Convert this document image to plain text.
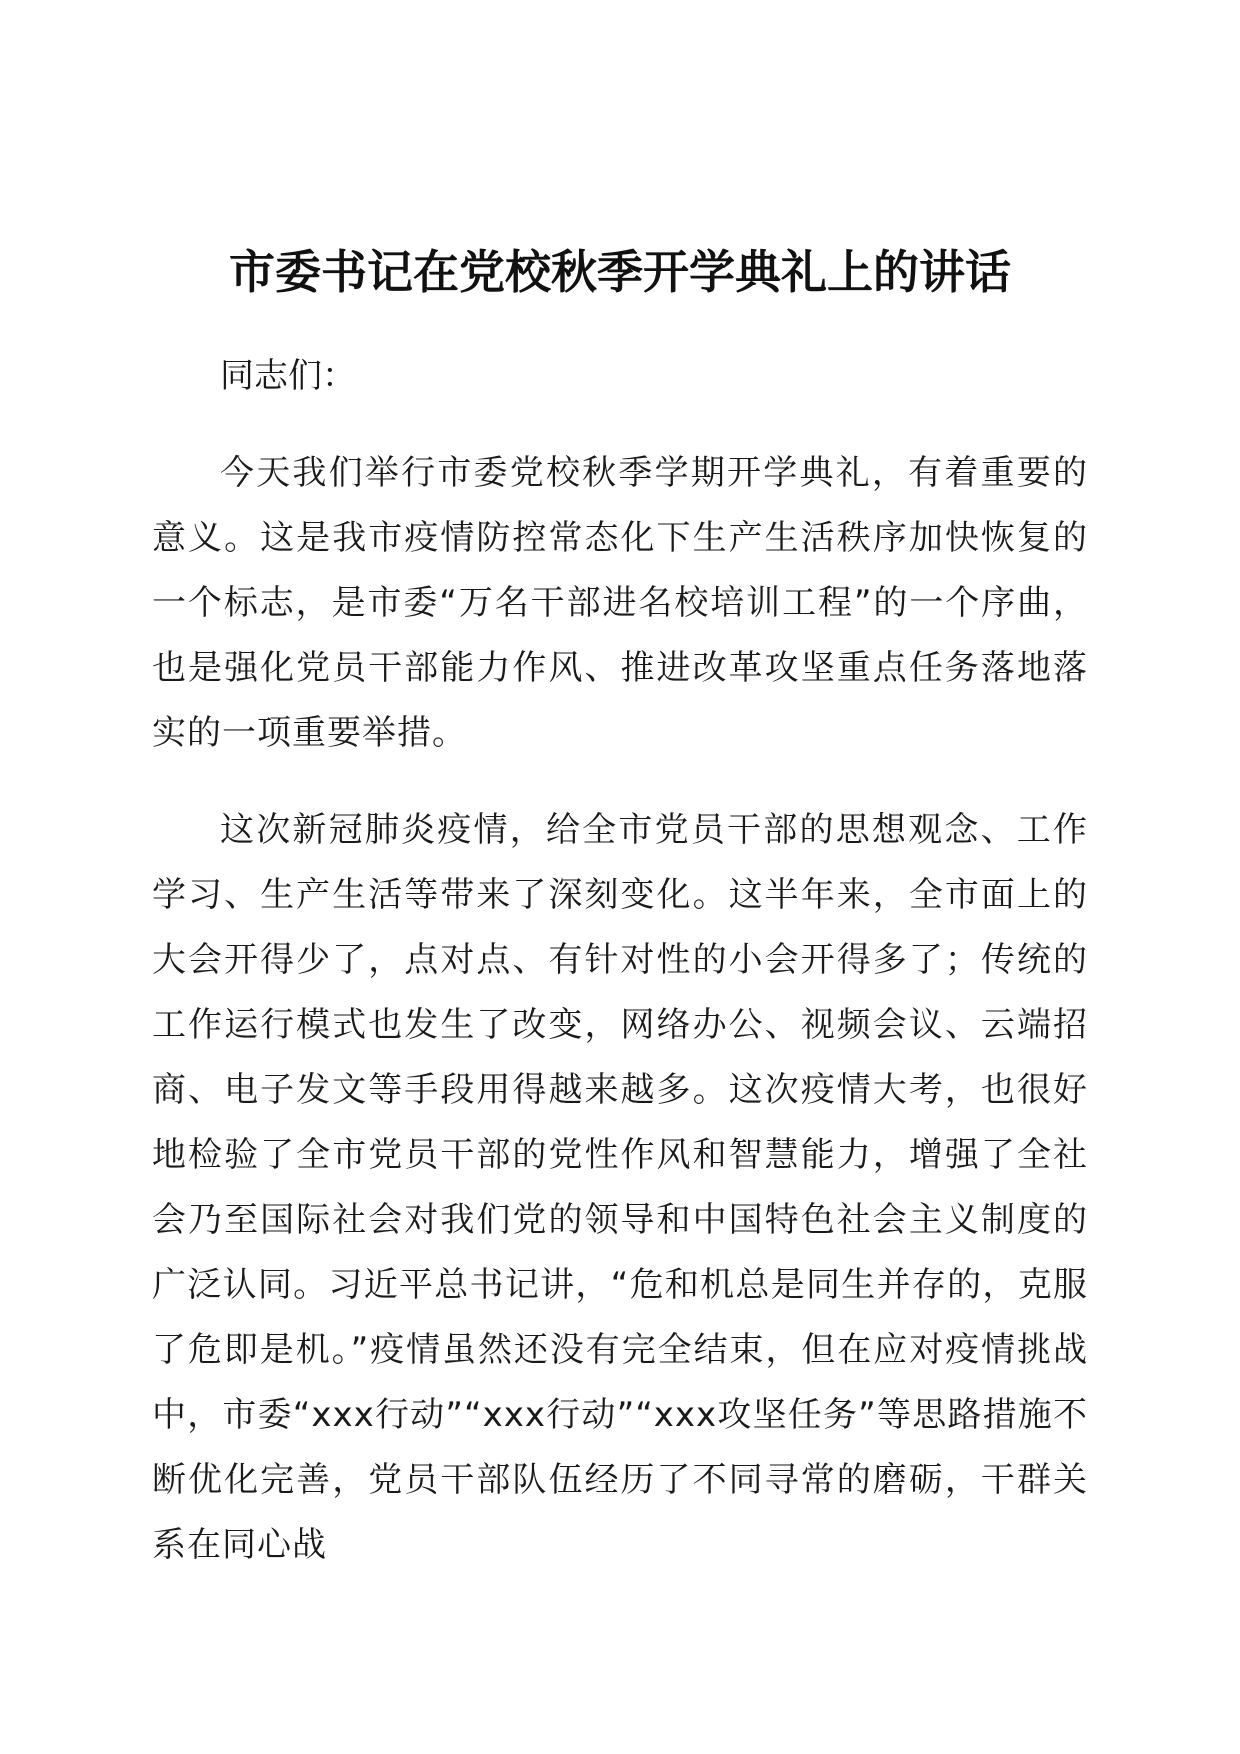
市委书记在党校秋季开学典礼上的讲话

同志们：

今天我们举行市委党校秋季学期开学典礼，有着重要的意义。这是我市疫情防控常态化下生产生活秩序加快恢复的一个标志，是市委“万名干部进名校培训工程”的一个序曲，也是强化党员干部能力作风、推进改革攻坚重点任务落地落实的一项重要举措。

这次新冠肺炎疫情，给全市党员干部的思想观念、工作学习、生产生活等带来了深刻变化。这半年来，全市面上的大会开得少了，点对点、有针对性的小会开得多了；传统的工作运行模式也发生了改变，网络办公、视频会议、云端招商、电子发文等手段用得越来越多。这次疫情大考，也很好地检验了全市党员干部的党性作风和智慧能力，增强了全社会乃至国际社会对我们党的领导和中国特色社会主义制度的广泛认同。习近平总书记讲，“危和机总是同生并存的，克服了危即是机。”疫情虽然还没有完全结束，但在应对疫情挑战中，市委“xxx行动”“xxx行动”“xxx攻坚任务”等思路措施不断优化完善，党员干部队伍经历了不同寻常的磨砺，干群关系在同心战
